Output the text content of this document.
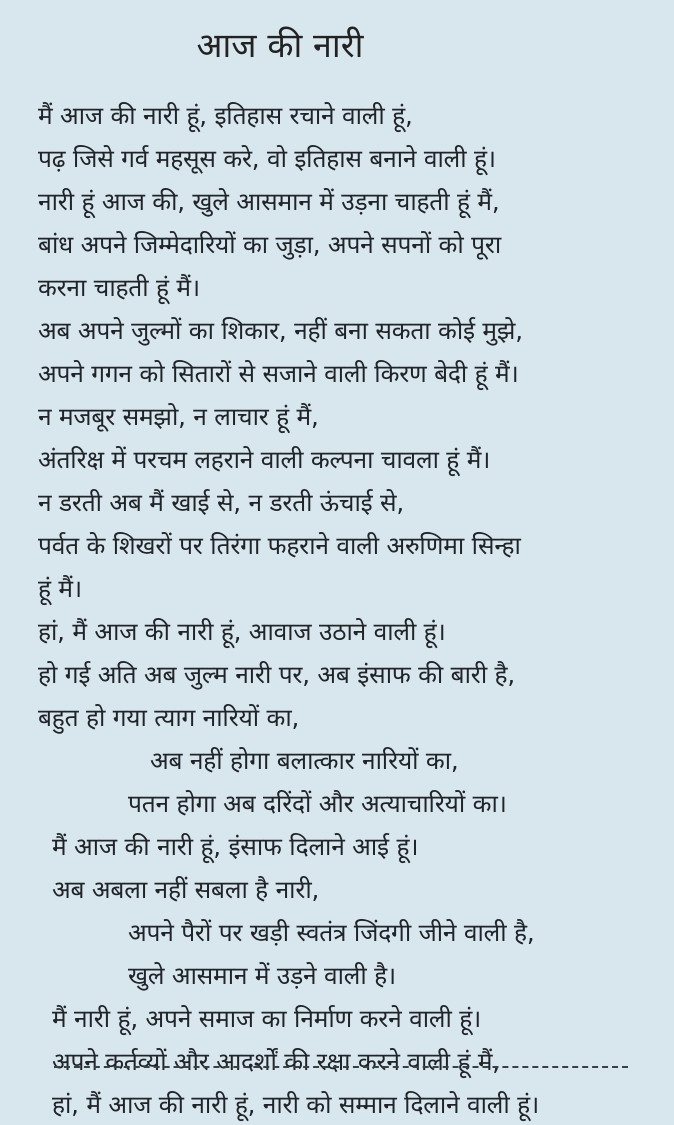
आज की नारी
मैं आज की नारी हूं, इतिहास रचाने वाली हूं,
पढ़ जिसे गर्व महसूस करे, वो इतिहास बनाने वाली हूं।
नारी हूं आज की, खुले आसमान में उड़ना चाहती हूं मैं,
बांध अपने जिम्मेदारियों का जुड़ा, अपने सपनों को पूरा
करना चाहती हूं मैं।
अब अपने जुल्मों का शिकार, नहीं बना सकता कोई मुझे,
अपने गगन को सितारों से सजाने वाली किरण बेदी हूं मैं।
न मजबूर समझो, न लाचार हूं मैं,
अंतरिक्ष में परचम लहराने वाली कल्पना चावला हूं मैं।
न डरती अब मैं खाई से, न डरती ऊंचाई से,
पर्वत के शिखरों पर तिरंगा फहराने वाली अरुणिमा सिन्हा
हूं मैं।
हां, मैं आज की नारी हूं, आवाज उठाने वाली हूं।
हो गई अति अब जुल्म नारी पर, अब इंसाफ की बारी है,
बहुत हो गया त्याग नारियों का,
अब नहीं होगा बलात्कार नारियों का,
पतन होगा अब दरिंदों और अत्याचारियों का।
मैं आज की नारी हूं, इंसाफ दिलाने आई हूं।
अब अबला नहीं सबला है नारी,
अपने पैरों पर खड़ी स्वतंत्र जिंदगी जीने वाली है,
खुले आसमान में उड़ने वाली है।
मैं नारी हूं, अपने समाज का निर्माण करने वाली हूं।
अपने कर्तव्यों और आदर्शों की रक्षा करने वाली हूं मैं,
हां, मैं आज की नारी हूं, नारी को सम्मान दिलाने वाली हूं।
